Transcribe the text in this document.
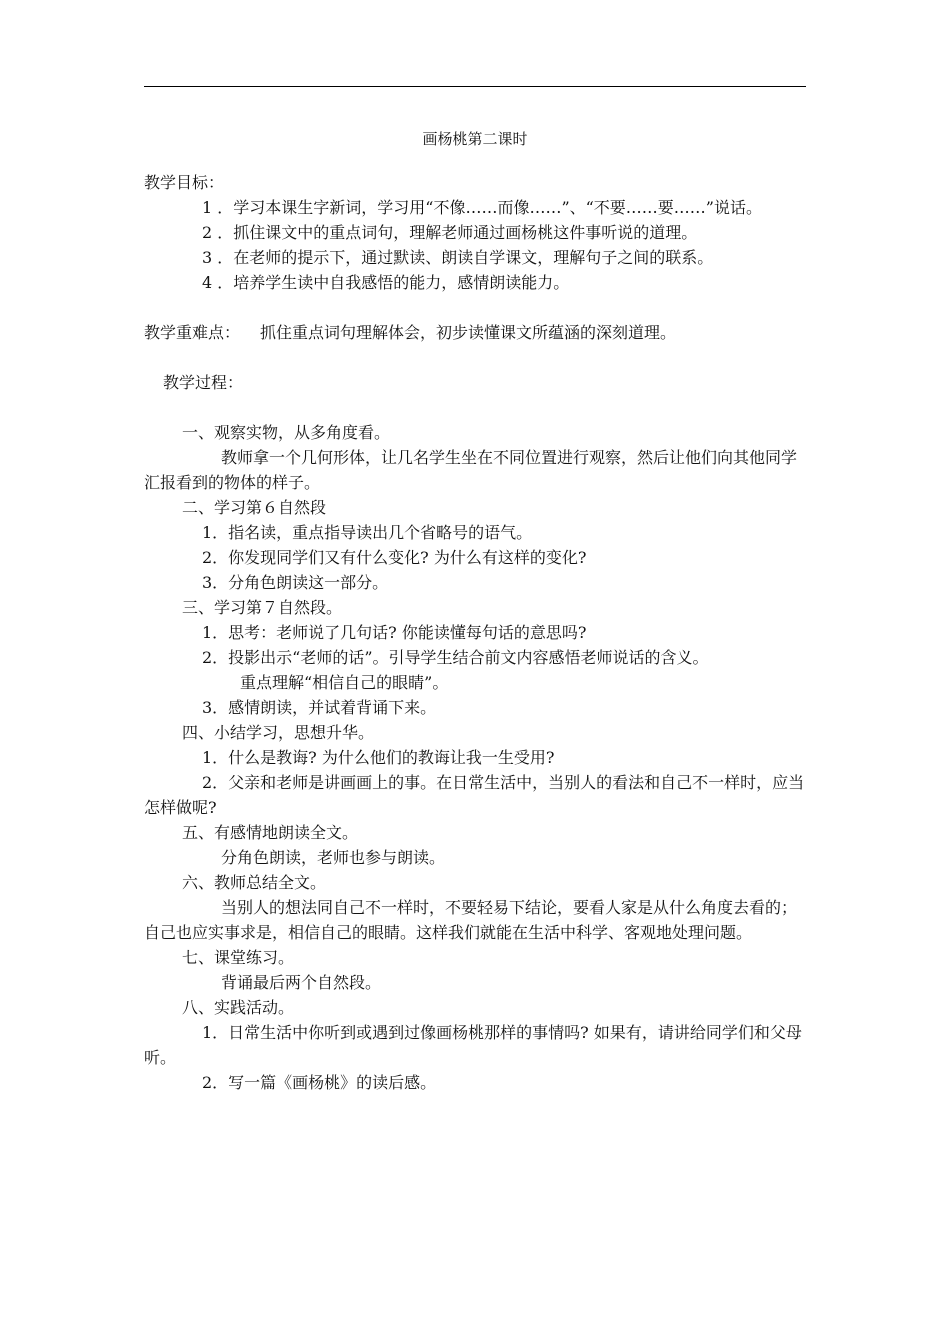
画杨桃第二课时

教学目标：

1 ．学习本课生字新词，学习用“不像……而像……”、“不要……要……”说话。

2 ．抓住课文中的重点词句，理解老师通过画杨桃这件事听说的道理。

3 ．在老师的提示下，通过默读、朗读自学课文，理解句子之间的联系。

4 ．培养学生读中自我感悟的能力，感情朗读能力。

教学重难点： 抓住重点词句理解体会，初步读懂课文所蕴涵的深刻道理。

教学过程：

一、观察实物，从多角度看。

教师拿一个几何形体，让几名学生坐在不同位置进行观察，然后让他们向其他同学汇报看到的物体的样子。

二、学习第６自然段

1．指名读，重点指导读出几个省略号的语气。

2．你发现同学们又有什么变化? 为什么有这样的变化?

3．分角色朗读这一部分。

三、学习第７自然段。

1．思考：老师说了几句话? 你能读懂每句话的意思吗?

2．投影出示“老师的话”。引导学生结合前文内容感悟老师说话的含义。

重点理解“相信自己的眼睛”。

3．感情朗读，并试着背诵下来。

四、小结学习，思想升华。

1．什么是教诲? 为什么他们的教诲让我一生受用?

2．父亲和老师是讲画画上的事。在日常生活中，当别人的看法和自己不一样时，应当怎样做呢?

五、有感情地朗读全文。

分角色朗读，老师也参与朗读。

六、教师总结全文。

当别人的想法同自己不一样时，不要轻易下结论，要看人家是从什么角度去看的；自己也应实事求是，相信自己的眼睛。这样我们就能在生活中科学、客观地处理问题。

七、课堂练习。

背诵最后两个自然段。

八、实践活动。

1．日常生活中你听到或遇到过像画杨桃那样的事情吗? 如果有，请讲给同学们和父母听。

2．写一篇《画杨桃》的读后感。
